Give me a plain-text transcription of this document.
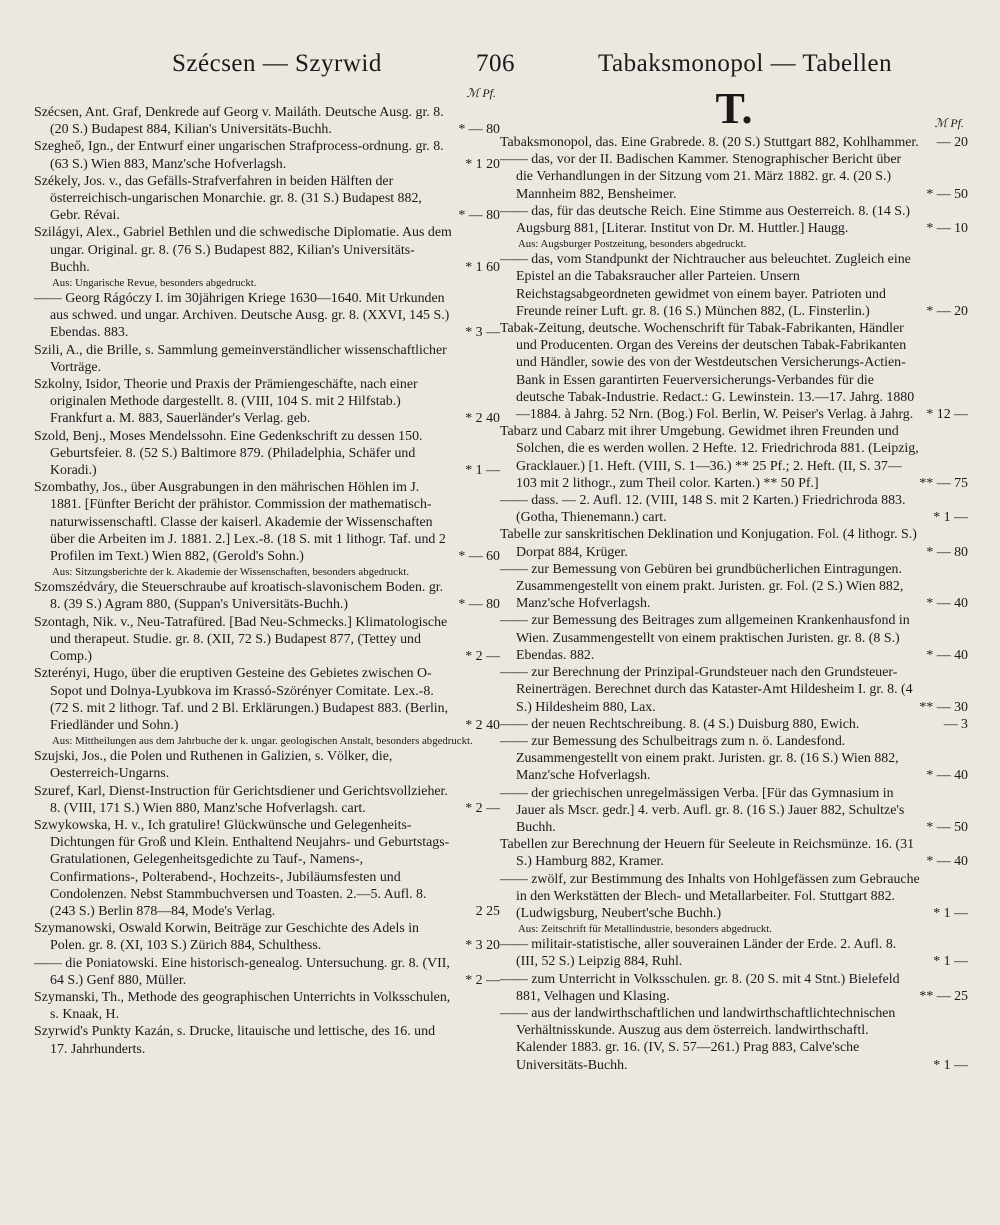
Szécsen — Szyrwid	706	Tabaksmonopol — Tabellen
ℳ Pf.
Szécsen, Ant. Graf, Denkrede auf Georg v. Mailáth. Deutsche Ausg. gr. 8. (20 S.) Budapest 884, Kilian's Universitäts-Buchh.	* — 80
Szegheő, Ign., der Entwurf einer ungarischen Strafprocess-ordnung. gr. 8. (63 S.) Wien 883, Manz'sche Hofverlagsh.	* 1 20
Székely, Jos. v., das Gefälls-Strafverfahren in beiden Hälften der österreichisch-ungarischen Monarchie. gr. 8. (31 S.) Budapest 882, Gebr. Révai.	* — 80
Szilágyi, Alex., Gabriel Bethlen und die schwedische Diplomatie. Aus dem ungar. Original. gr. 8. (76 S.) Budapest 882, Kilian's Universitäts-Buchh.	* 1 60
Aus: Ungarische Revue, besonders abgedruckt.
—— Georg Rágóczy I. im 30jährigen Kriege 1630—1640. Mit Urkunden aus schwed. und ungar. Archiven. Deutsche Ausg. gr. 8. (XXVI, 145 S.) Ebendas. 883.	* 3 —
Szili, A., die Brille, s. Sammlung gemeinverständlicher wissenschaftlicher Vorträge.
Szkolny, Isidor, Theorie und Praxis der Prämiengeschäfte, nach einer originalen Methode dargestellt. 8. (VIII, 104 S. mit 2 Hilfstab.) Frankfurt a. M. 883, Sauerländer's Verlag. geb.	* 2 40
Szold, Benj., Moses Mendelssohn. Eine Gedenkschrift zu dessen 150. Geburtsfeier. 8. (52 S.) Baltimore 879. (Philadelphia, Schäfer und Koradi.)	* 1 —
Szombathy, Jos., über Ausgrabungen in den mährischen Höhlen im J. 1881. [Fünfter Bericht der prähistor. Commission der mathematisch-naturwissenschaftl. Classe der kaiserl. Akademie der Wissenschaften über die Arbeiten im J. 1881. 2.] Lex.-8. (18 S. mit 1 lithogr. Taf. und 2 Profilen im Text.) Wien 882, (Gerold's Sohn.)	* — 60
Aus: Sitzungsberichte der k. Akademie der Wissenschaften, besonders abgedruckt.
Szomszédváry, die Steuerschraube auf kroatisch-slavonischem Boden. gr. 8. (39 S.) Agram 880, (Suppan's Universitäts-Buchh.)	* — 80
Szontagh, Nik. v., Neu-Tatrafüred. [Bad Neu-Schmecks.] Klimatologische und therapeut. Studie. gr. 8. (XII, 72 S.) Budapest 877, (Tettey und Comp.)	* 2 —
Szterényi, Hugo, über die eruptiven Gesteine des Gebietes zwischen O-Sopot und Dolnya-Lyubkova im Krassó-Szörényer Comitate. Lex.-8. (72 S. mit 2 lithogr. Taf. und 2 Bl. Erklärungen.) Budapest 883. (Berlin, Friedländer und Sohn.)	* 2 40
Aus: Mittheilungen aus dem Jahrbuche der k. ungar. geologischen Anstalt, besonders abgedruckt.
Szujski, Jos., die Polen und Ruthenen in Galizien, s. Völker, die, Oesterreich-Ungarns.
Szuref, Karl, Dienst-Instruction für Gerichtsdiener und Gerichtsvollzieher. 8. (VIII, 171 S.) Wien 880, Manz'sche Hofverlagsh. cart.	* 2 —
Szwykowska, H. v., Ich gratulire! Glückwünsche und Gelegenheits-Dichtungen für Groß und Klein. Enthaltend Neujahrs- und Geburtstags-Gratulationen, Gelegenheitsgedichte zu Tauf-, Namens-, Confirmations-, Polterabend-, Hochzeits-, Jubiläumsfesten und Condolenzen. Nebst Stammbuchversen und Toasten. 2.—5. Aufl. 8. (243 S.) Berlin 878—84, Mode's Verlag.	2 25
Szymanowski, Oswald Korwin, Beiträge zur Geschichte des Adels in Polen. gr. 8. (XI, 103 S.) Zürich 884, Schulthess.	* 3 20
—— die Poniatowski. Eine historisch-genealog. Untersuchung. gr. 8. (VII, 64 S.) Genf 880, Müller.	* 2 —
Szymanski, Th., Methode des geographischen Unterrichts in Volksschulen, s. Knaak, H.
Szyrwid's Punkty Kazán, s. Drucke, litauische und lettische, des 16. und 17. Jahrhunderts.
T.	ℳ Pf.
Tabaksmonopol, das. Eine Grabrede. 8. (20 S.) Stuttgart 882, Kohlhammer. — 20
—— das, vor der II. Badischen Kammer. Stenographischer Bericht über die Verhandlungen in der Sitzung vom 21. März 1882. gr. 4. (20 S.) Mannheim 882, Bensheimer.	* — 50
—— das, für das deutsche Reich. Eine Stimme aus Oesterreich. 8. (14 S.) Augsburg 881, [Literar. Institut von Dr. M. Huttler.] Haugg.	* — 10
Aus: Augsburger Postzeitung, besonders abgedruckt.
—— das, vom Standpunkt der Nichtraucher aus beleuchtet. Zugleich eine Epistel an die Tabaksraucher aller Parteien. Unsern Reichstagsabgeordneten gewidmet von einem bayer. Patrioten und Freunde reiner Luft. gr. 8. (16 S.) München 882, (L. Finsterlin.)	* — 20
Tabak-Zeitung, deutsche. Wochenschrift für Tabak-Fabrikanten, Händler und Producenten. Organ des Vereins der deutschen Tabak-Fabrikanten und Händler, sowie des von der Westdeutschen Versicherungs-Actien-Bank in Essen garantirten Feuerversicherungs-Verbandes für die deutsche Tabak-Industrie. Redact.: G. Lewinstein. 13.—17. Jahrg. 1880—1884. à Jahrg. 52 Nrn. (Bog.) Fol. Berlin, W. Peiser's Verlag. à Jahrg. * 12 —
Tabarz und Cabarz mit ihrer Umgebung. Gewidmet ihren Freunden und Solchen, die es werden wollen. 2 Hefte. 12. Friedrichroda 881. (Leipzig, Gracklauer.) [1. Heft. (VIII, S. 1—36.) ** 25 Pf.; 2. Heft. (II, S. 37—103 mit 2 lithogr., zum Theil color. Karten.) ** 50 Pf.]	** — 75
—— dass. — 2. Aufl. 12. (VIII, 148 S. mit 2 Karten.) Friedrichroda 883. (Gotha, Thienemann.) cart.	* 1 —
Tabelle zur sanskritischen Deklination und Konjugation. Fol. (4 lithogr. S.) Dorpat 884, Krüger.	* — 80
—— zur Bemessung von Gebüren bei grundbücherlichen Eintragungen. Zusammengestellt von einem prakt. Juristen. gr. Fol. (2 S.) Wien 882, Manz'sche Hofverlagsh.	* — 40
—— zur Bemessung des Beitrages zum allgemeinen Krankenhausfond in Wien. Zusammengestellt von einem praktischen Juristen. gr. 8. (8 S.) Ebendas. 882.	* — 40
—— zur Berechnung der Prinzipal-Grundsteuer nach den Grundsteuer-Reinerträgen. Berechnet durch das Kataster-Amt Hildesheim I. gr. 8. (4 S.) Hildesheim 880, Lax.	** — 30
—— der neuen Rechtschreibung. 8. (4 S.) Duisburg 880, Ewich.	— 3
—— zur Bemessung des Schulbeitrags zum n. ö. Landesfond. Zusammengestellt von einem prakt. Juristen. gr. 8. (16 S.) Wien 882, Manz'sche Hofverlagsh.	* — 40
—— der griechischen unregelmässigen Verba. [Für das Gymnasium in Jauer als Mscr. gedr.] 4. verb. Aufl. gr. 8. (16 S.) Jauer 882, Schultze's Buchh.	* — 50
Tabellen zur Berechnung der Heuern für Seeleute in Reichsmünze. 16. (31 S.) Hamburg 882, Kramer.	* — 40
—— zwölf, zur Bestimmung des Inhalts von Hohlgefässen zum Gebrauche in den Werkstätten der Blech- und Metallarbeiter. Fol. Stuttgart 882. (Ludwigsburg, Neubert'sche Buchh.)	* 1 —
Aus: Zeitschrift für Metallindustrie, besonders abgedruckt.
—— militair-statistische, aller souverainen Länder der Erde. 2. Aufl. 8. (III, 52 S.) Leipzig 884, Ruhl.	* 1 —
—— zum Unterricht in Volksschulen. gr. 8. (20 S. mit 4 Stnt.) Bielefeld 881, Velhagen und Klasing.	** — 25
—— aus der landwirthschaftlichen und landwirthschaftlichtechnischen Verhältnisskunde. Auszug aus dem österreich. landwirthschaftl. Kalender 1883. gr. 16. (IV, S. 57—261.) Prag 883, Calve'sche Universitäts-Buchh.	* 1 —
